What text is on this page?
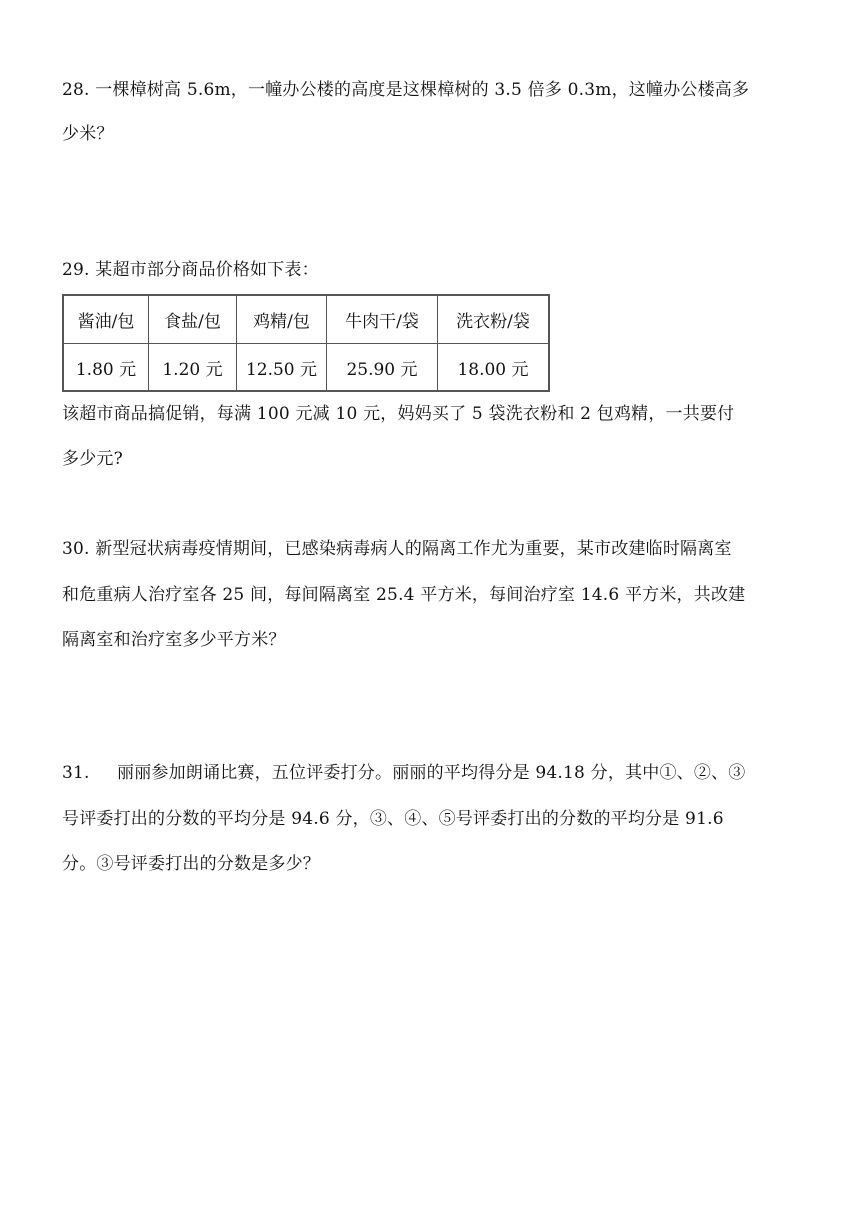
28. 一棵樟树高 5.6m，一幢办公楼的高度是这棵樟树的 3.5 倍多 0.3m，这幢办公楼高多
少米？
29. 某超市部分商品价格如下表：
酱油/包	食盐/包	鸡精/包	牛肉干/袋	洗衣粉/袋
1.80 元	1.20 元	12.50 元	25.90 元	18.00 元
该超市商品搞促销，每满 100 元减 10 元，妈妈买了 5 袋洗衣粉和 2 包鸡精，一共要付
多少元?
30. 新型冠状病毒疫情期间，已感染病毒病人的隔离工作尤为重要，某市改建临时隔离室
和危重病人治疗室各 25 间，每间隔离室 25.4 平方米，每间治疗室 14.6 平方米，共改建
隔离室和治疗室多少平方米？
31. 丽丽参加朗诵比赛，五位评委打分。丽丽的平均得分是 94.18 分，其中①、②、③
号评委打出的分数的平均分是 94.6 分，③、④、⑤号评委打出的分数的平均分是 91.6
分。③号评委打出的分数是多少？
